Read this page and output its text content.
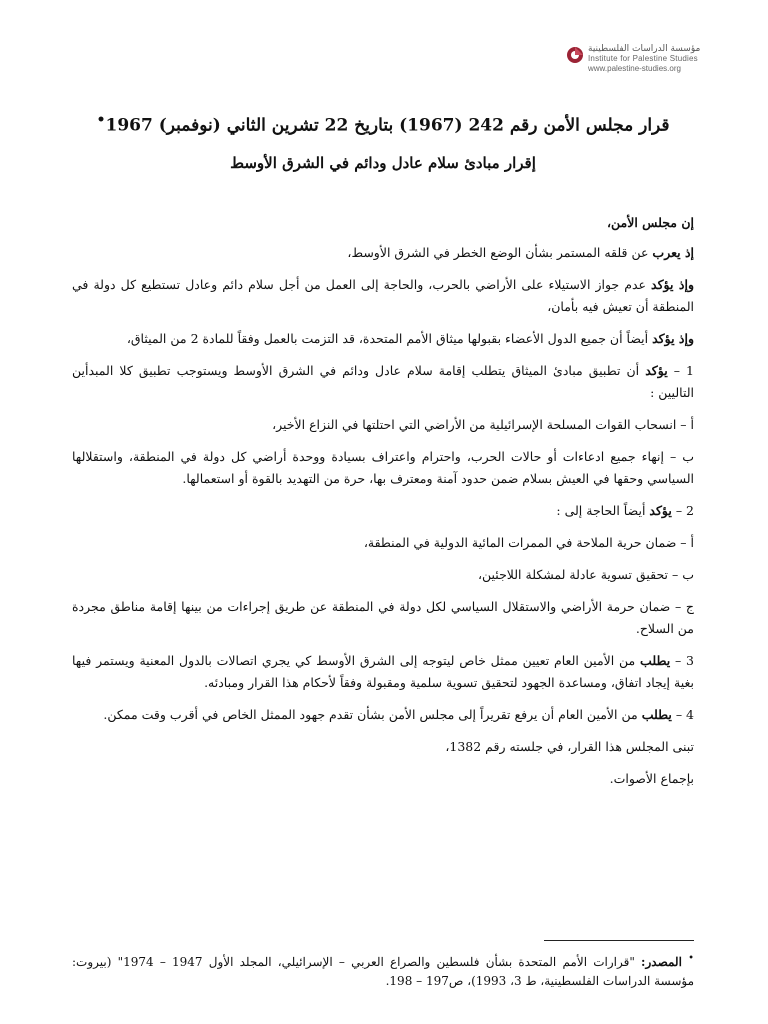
مؤسسة الدراسات الفلسطينية
Institute for Palestine Studies
www.palestine-studies.org
قرار مجلس الأمن رقم 242 (1967) بتاريخ 22 تشرين الثاني (نوفمبر) 1967•
إقرار مبادئ سلام عادل ودائم في الشرق الأوسط

إن مجلس الأمن،

إذ يعرب عن قلقه المستمر بشأن الوضع الخطر في الشرق الأوسط،

وإذ يؤكد عدم جواز الاستيلاء على الأراضي بالحرب، والحاجة إلى العمل من أجل سلام دائم وعادل تستطيع كل دولة في المنطقة أن تعيش فيه بأمان،

وإذ يؤكد أيضاً أن جميع الدول الأعضاء بقبولها ميثاق الأمم المتحدة، قد التزمت بالعمل وفقاً للمادة 2 من الميثاق،

1 – يؤكد أن تطبيق مبادئ الميثاق يتطلب إقامة سلام عادل ودائم في الشرق الأوسط ويستوجب تطبيق كلا المبدأين التاليين :

أ – انسحاب القوات المسلحة الإسرائيلية من الأراضي التي احتلتها في النزاع الأخير،

ب – إنهاء جميع ادعاءات أو حالات الحرب، واحترام واعتراف بسيادة ووحدة أراضي كل دولة في المنطقة، واستقلالها السياسي وحقها في العيش بسلام ضمن حدود آمنة ومعترف بها، حرة من التهديد بالقوة أو استعمالها.

2 – يؤكد أيضاً الحاجة إلى :

أ – ضمان حرية الملاحة في الممرات المائية الدولية في المنطقة،

ب – تحقيق تسوية عادلة لمشكلة اللاجئين،

ج – ضمان حرمة الأراضي والاستقلال السياسي لكل دولة في المنطقة عن طريق إجراءات من بينها إقامة مناطق مجردة من السلاح.

3 – يطلب من الأمين العام تعيين ممثل خاص ليتوجه إلى الشرق الأوسط كي يجري اتصالات بالدول المعنية ويستمر فيها بغية إيجاد اتفاق، ومساعدة الجهود لتحقيق تسوية سلمية ومقبولة وفقاً لأحكام هذا القرار ومبادئه.

4 – يطلب من الأمين العام أن يرفع تقريراً إلى مجلس الأمن بشأن تقدم جهود الممثل الخاص في أقرب وقت ممكن.

تبنى المجلس هذا القرار، في جلسته رقم 1382،

بإجماع الأصوات.

• المصدر: "قرارات الأمم المتحدة بشأن فلسطين والصراع العربي – الإسرائيلي، المجلد الأول 1947 – 1974" (بيروت: مؤسسة الدراسات الفلسطينية، ط 3، 1993)، ص197 – 198.
